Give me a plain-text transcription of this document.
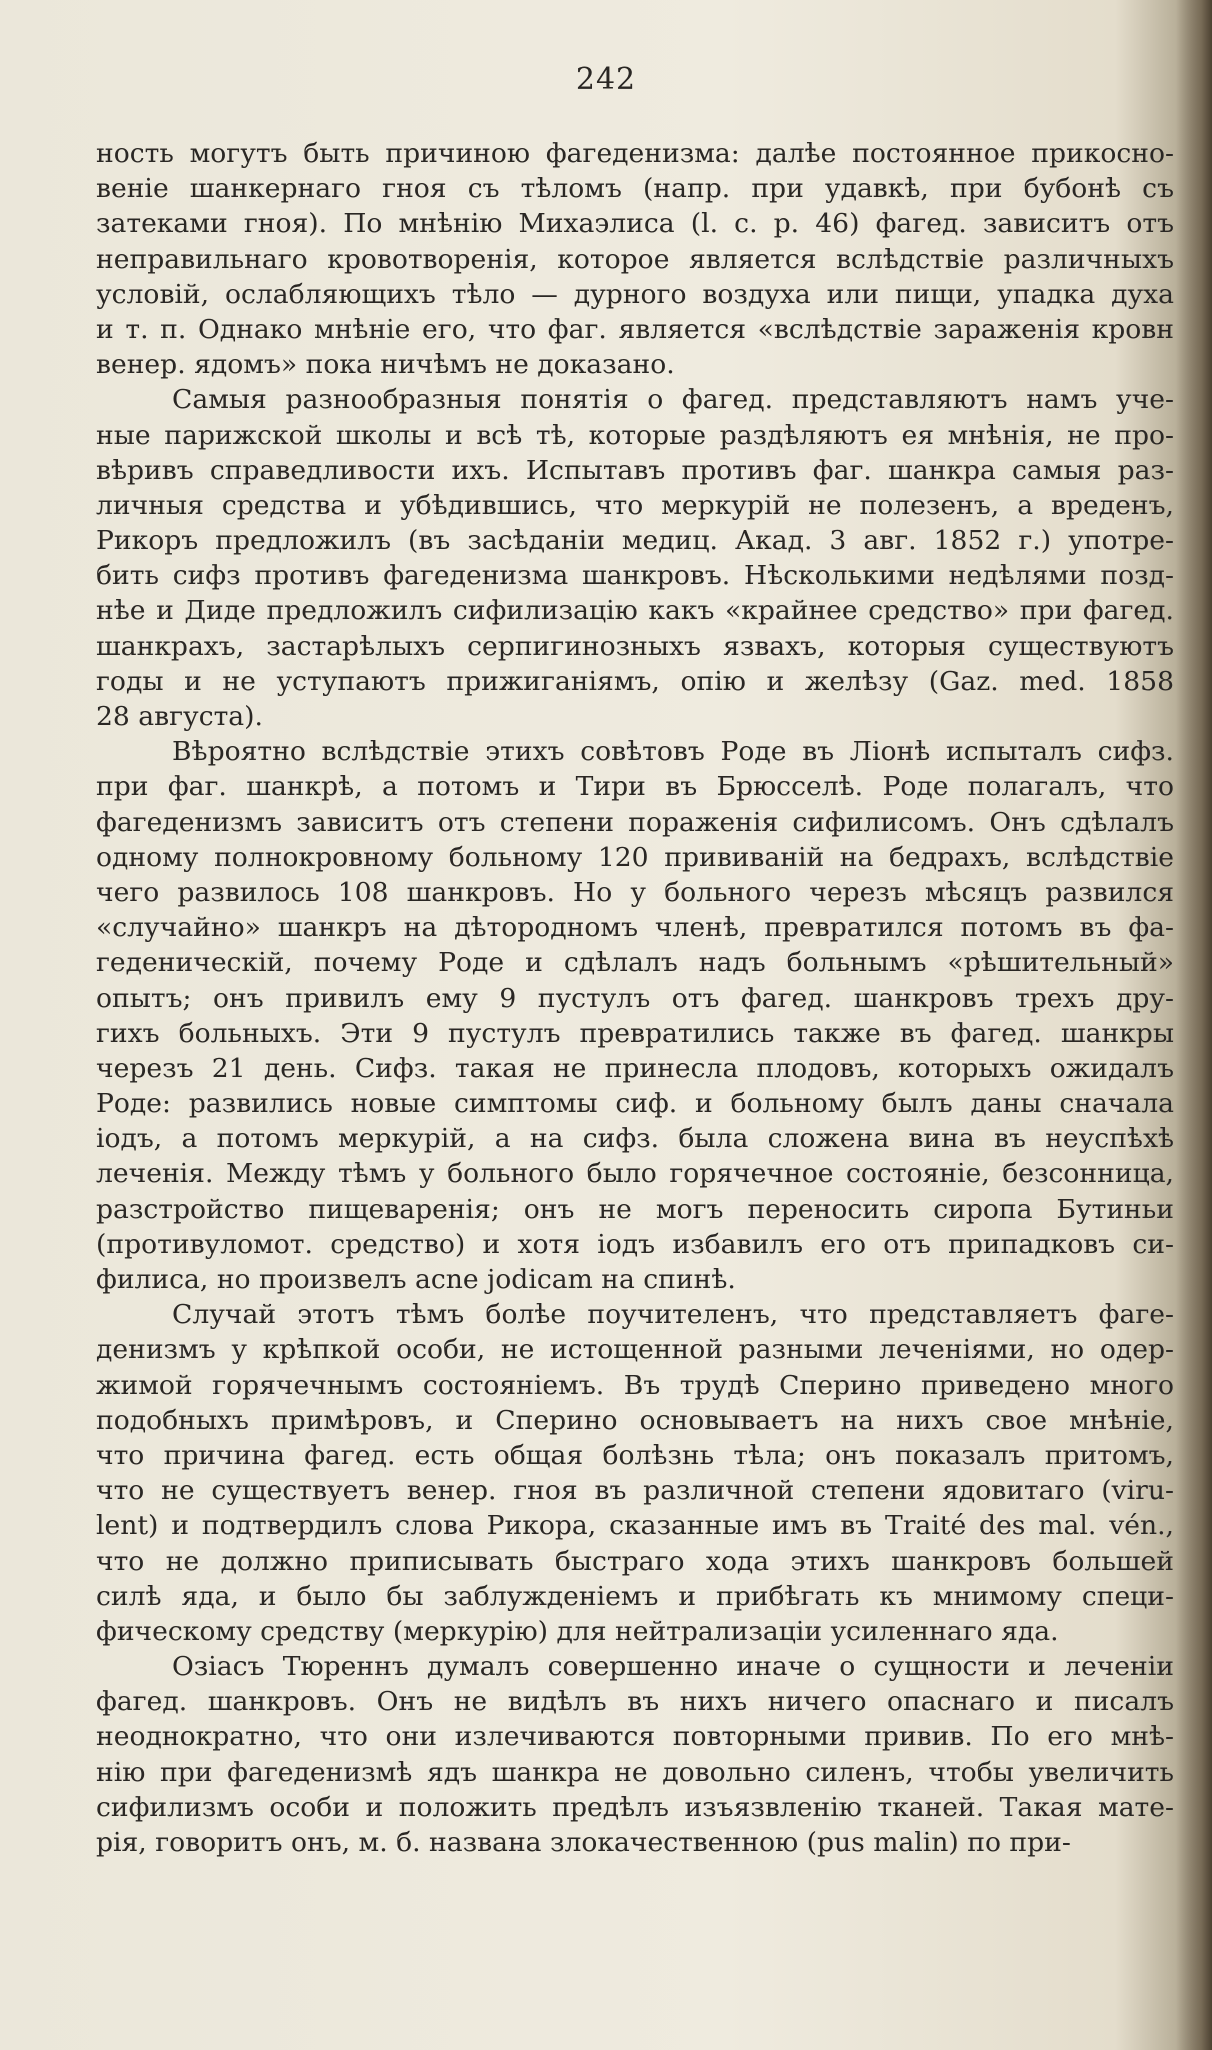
242
ность могутъ быть причиною фагеденизма: далѣе постоянное прикосно-
веніе шанкернаго гноя съ тѣломъ (напр. при удавкѣ, при бубонѣ съ
затеками гноя). По мнѣнію Михаэлиса (l. c. p. 46) фагед. зависитъ отъ
неправильнаго кровотворенія, которое является вслѣдствіе различныхъ
условій, ослабляющихъ тѣло — дурного воздуха или пищи, упадка духа
и т. п. Однако мнѣніе его, что фаг. является «вслѣдствіе зараженія кровн
венер. ядомъ» пока ничѣмъ не доказано.
Самыя разнообразныя понятія о фагед. представляютъ намъ уче-
ные парижской школы и всѣ тѣ, которые раздѣляютъ ея мнѣнія, не про-
вѣривъ справедливости ихъ. Испытавъ противъ фаг. шанкра самыя раз-
личныя средства и убѣдившись, что меркурій не полезенъ, а вреденъ,
Рикоръ предложилъ (въ засѣданіи медиц. Акад. 3 авг. 1852 г.) употре-
бить сифз противъ фагеденизма шанкровъ. Нѣсколькими недѣлями позд-
нѣе и Диде предложилъ сифилизацію какъ «крайнее средство» при фагед.
шанкрахъ, застарѣлыхъ серпигинозныхъ язвахъ, которыя существуютъ
годы и не уступаютъ прижиганіямъ, опію и желѣзу (Gaz. med. 1858
28 августа).
Вѣроятно вслѣдствіе этихъ совѣтовъ Роде въ Ліонѣ испыталъ сифз.
при фаг. шанкрѣ, а потомъ и Тири въ Брюсселѣ. Роде полагалъ, что
фагеденизмъ зависитъ отъ степени пораженія сифилисомъ. Онъ сдѣлалъ
одному полнокровному больному 120 прививаній на бедрахъ, вслѣдствіе
чего развилось 108 шанкровъ. Но у больного черезъ мѣсяцъ развился
«случайно» шанкръ на дѣтородномъ членѣ, превратился потомъ въ фа-
геденическій, почему Роде и сдѣлалъ надъ больнымъ «рѣшительный»
опытъ; онъ привилъ ему 9 пустулъ отъ фагед. шанкровъ трехъ дру-
гихъ больныхъ. Эти 9 пустулъ превратились также въ фагед. шанкры
черезъ 21 день. Сифз. такая не принесла плодовъ, которыхъ ожидалъ
Роде: развились новые симптомы сиф. и больному былъ даны сначала
іодъ, а потомъ меркурій, а на сифз. была сложена вина въ неуспѣхѣ
леченія. Между тѣмъ у больного было горячечное состояніе, безсонница,
разстройство пищеваренія; онъ не могъ переносить сиропа Бутиньи
(противуломот. средство) и хотя іодъ избавилъ его отъ припадковъ си-
филиса, но произвелъ acne jodicam на спинѣ.
Случай этотъ тѣмъ болѣе поучителенъ, что представляетъ фаге-
денизмъ у крѣпкой особи, не истощенной разными леченіями, но одер-
жимой горячечнымъ состояніемъ. Въ трудѣ Сперино приведено много
подобныхъ примѣровъ, и Сперино основываетъ на нихъ свое мнѣніе,
что причина фагед. есть общая болѣзнь тѣла; онъ показалъ притомъ,
что не существуетъ венер. гноя въ различной степени ядовитаго (viru-
lent) и подтвердилъ слова Рикора, сказанные имъ въ Traité des mal. vén.,
что не должно приписывать быстраго хода этихъ шанкровъ большей
силѣ яда, и было бы заблужденіемъ и прибѣгать къ мнимому специ-
фическому средству (меркурію) для нейтрализаціи усиленнаго яда.
Озіасъ Тюреннъ думалъ совершенно иначе о сущности и леченіи
фагед. шанкровъ. Онъ не видѣлъ въ нихъ ничего опаснаго и писалъ
неоднократно, что они излечиваются повторными привив. По его мнѣ-
нію при фагеденизмѣ ядъ шанкра не довольно силенъ, чтобы увеличить
сифилизмъ особи и положить предѣлъ изъязвленію тканей. Такая мате-
рія, говоритъ онъ, м. б. названа злокачественною (pus malin) по при-
